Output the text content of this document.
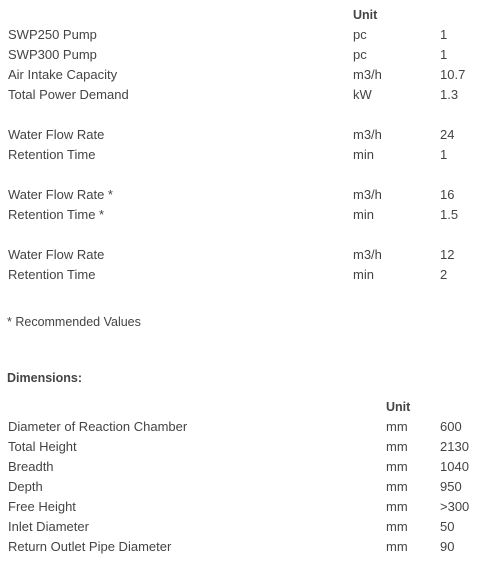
Unit
SWP250 Pump	pc	1
SWP300 Pump	pc	1
Air Intake Capacity	m3/h	10.7
Total Power Demand	kW	1.3
Water Flow Rate	m3/h	24
Retention Time	min	1
Water Flow Rate *	m3/h	16
Retention Time *	min	1.5
Water Flow Rate	m3/h	12
Retention Time	min	2
* Recommended Values
Dimensions:
Unit
Diameter of Reaction Chamber	mm 600
Total Height	mm 2130
Breadth	mm 1040
Depth	mm 950
Free Height	mm >300
Inlet Diameter	mm 50
Return Outlet Pipe Diameter	mm 90
